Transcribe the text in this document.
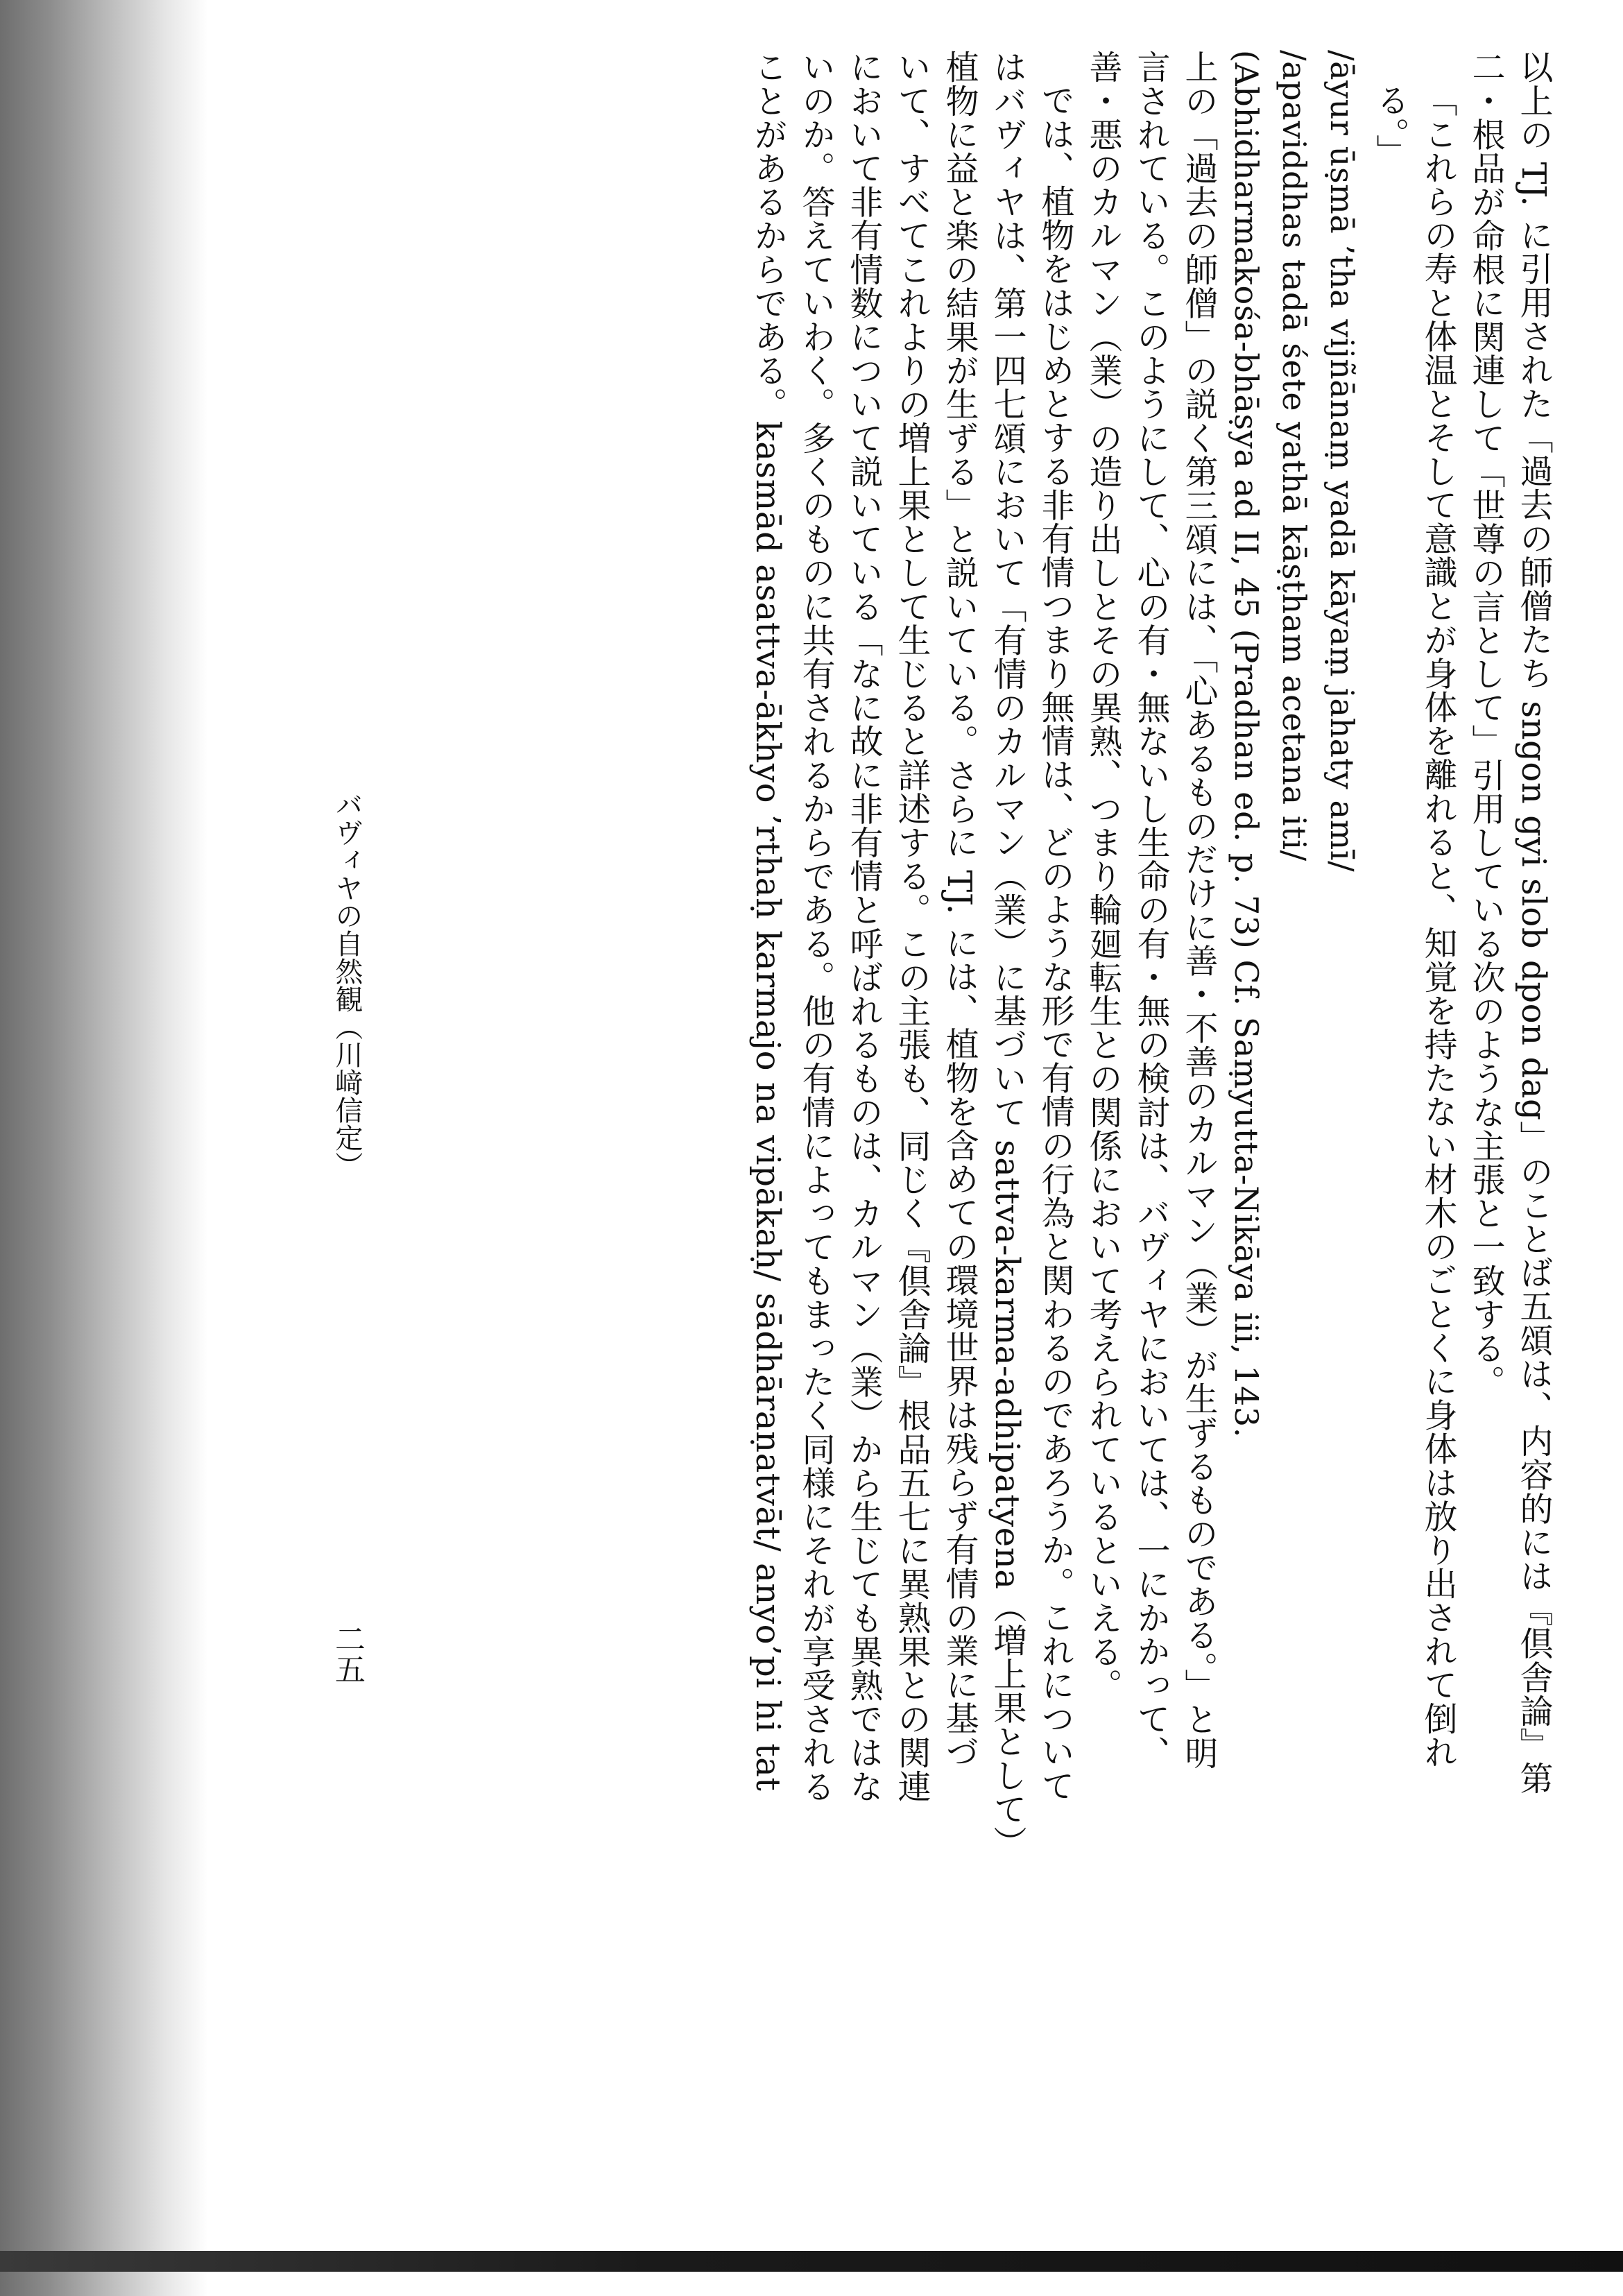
以上の TJ. に引用された「過去の師僧たち sngon gyi slob dpon dag」のことば五頌は、内容的には『倶舎論』第
二・根品が命根に関連して「世尊の言として」引用している次のような主張と一致する。
「これらの寿と体温とそして意識とが身体を離れると、知覚を持たない材木のごとくに身体は放り出されて倒れ
る。」
/āyur ūṣmā ’tha vijñānaṃ yadā kāyaṃ jahaty amī/
/apaviddhas tadā śete yathā kāṣṭham acetana iti/
(Abhidharmakośa-bhāṣya ad II, 45 (Pradhan ed. p. 73) Cf. Saṃyutta-Nikāya iii, 143.
上の「過去の師僧」の説く第三頌には、「心あるものだけに善・不善のカルマン（業）が生ずるものである。」と明
言されている。このようにして、心の有・無ないし生命の有・無の検討は、バヴィヤにおいては、一にかかって、
善・悪のカルマン（業）の造り出しとその異熟、つまり輪廻転生との関係において考えられているといえる。
では、植物をはじめとする非有情つまり無情は、どのような形で有情の行為と関わるのであろうか。これについて
はバヴィヤは、第一四七頌において「有情のカルマン（業）に基づいて sattva-karma-adhipatyena（増上果として）
植物に益と楽の結果が生ずる」と説いている。さらに TJ. には、植物を含めての環境世界は残らず有情の業に基づ
いて、すべてこれよりの増上果として生じると詳述する。この主張も、同じく『倶舎論』根品五七に異熟果との関連
において非有情数について説いている「なに故に非有情と呼ばれるものは、カルマン（業）から生じても異熟ではな
いのか。答えていわく。多くのものに共有されるからである。他の有情によってもまったく同様にそれが享受される
ことがあるからである。kasmād asattva-ākhyo ’rthaḥ karmajo na vipākaḥ/ sādhāraṇatvāt/ anyo’pi hi tat
バヴィヤの自然観（川﨑信定）
二五
